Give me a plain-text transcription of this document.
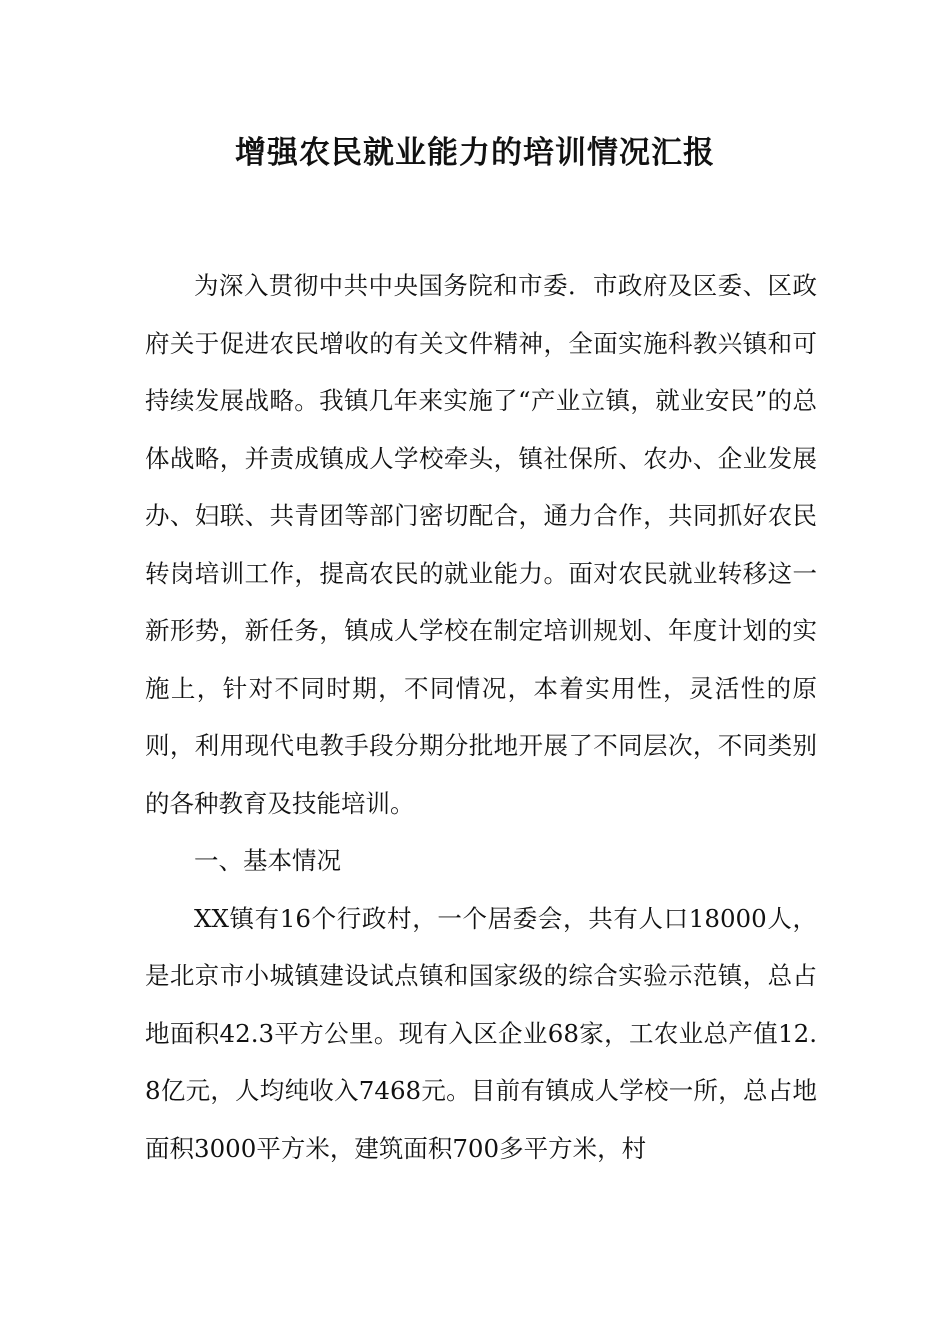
增强农民就业能力的培训情况汇报

为深入贯彻中共中央国务院和市委．市政府及区委、区政府关于促进农民增收的有关文件精神，全面实施科教兴镇和可持续发展战略。我镇几年来实施了“产业立镇，就业安民”的总体战略，并责成镇成人学校牵头，镇社保所、农办、企业发展办、妇联、共青团等部门密切配合，通力合作，共同抓好农民转岗培训工作，提高农民的就业能力。面对农民就业转移这一新形势，新任务，镇成人学校在制定培训规划、年度计划的实施上，针对不同时期，不同情况，本着实用性，灵活性的原则，利用现代电教手段分期分批地开展了不同层次，不同类别的各种教育及技能培训。

一、基本情况

XX镇有16个行政村，一个居委会，共有人口18000人，是北京市小城镇建设试点镇和国家级的综合实验示范镇，总占地面积42.3平方公里。现有入区企业68家，工农业总产值12.8亿元，人均纯收入7468元。目前有镇成人学校一所，总占地面积3000平方米，建筑面积700多平方米，村
